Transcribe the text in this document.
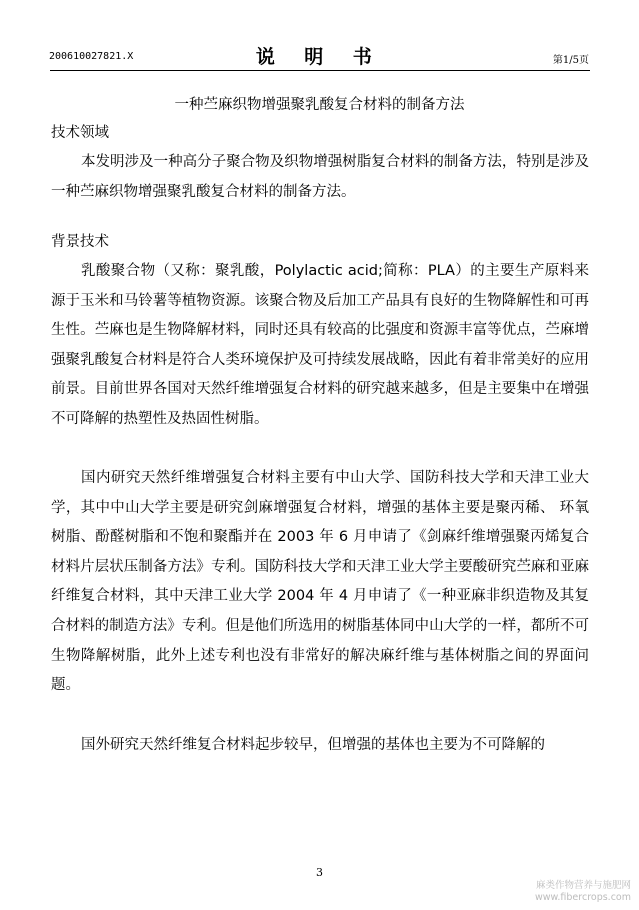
200610027821.X	说 明 书	第1/5页
一种苎麻织物增强聚乳酸复合材料的制备方法
技术领域
本发明涉及一种高分子聚合物及织物增强树脂复合材料的制备方法，特别是涉及一种苎麻织物增强聚乳酸复合材料的制备方法。
背景技术
乳酸聚合物（又称：聚乳酸，Polylactic acid;简称：PLA）的主要生产原料来源于玉米和马铃薯等植物资源。该聚合物及后加工产品具有良好的生物降解性和可再生性。苎麻也是生物降解材料，同时还具有较高的比强度和资源丰富等优点，苎麻增强聚乳酸复合材料是符合人类环境保护及可持续发展战略，因此有着非常美好的应用前景。目前世界各国对天然纤维增强复合材料的研究越来越多，但是主要集中在增强不可降解的热塑性及热固性树脂。
国内研究天然纤维增强复合材料主要有中山大学、国防科技大学和天津工业大学，其中中山大学主要是研究剑麻增强复合材料，增强的基体主要是聚丙稀、 环氧树脂、酚醛树脂和不饱和聚酯并在 2003 年 6 月申请了《剑麻纤维增强聚丙烯复合材料片层状压制备方法》专利。国防科技大学和天津工业大学主要酸研究苎麻和亚麻纤维复合材料，其中天津工业大学 2004 年 4 月申请了《一种亚麻非织造物及其复合材料的制造方法》专利。但是他们所选用的树脂基体同中山大学的一样，都所不可生物降解树脂，此外上述专利也没有非常好的解决麻纤维与基体树脂之间的界面问题。
国外研究天然纤维复合材料起步较早，但增强的基体也主要为不可降解的
3
麻类作物营养与施肥网
www.fibercrops.com
